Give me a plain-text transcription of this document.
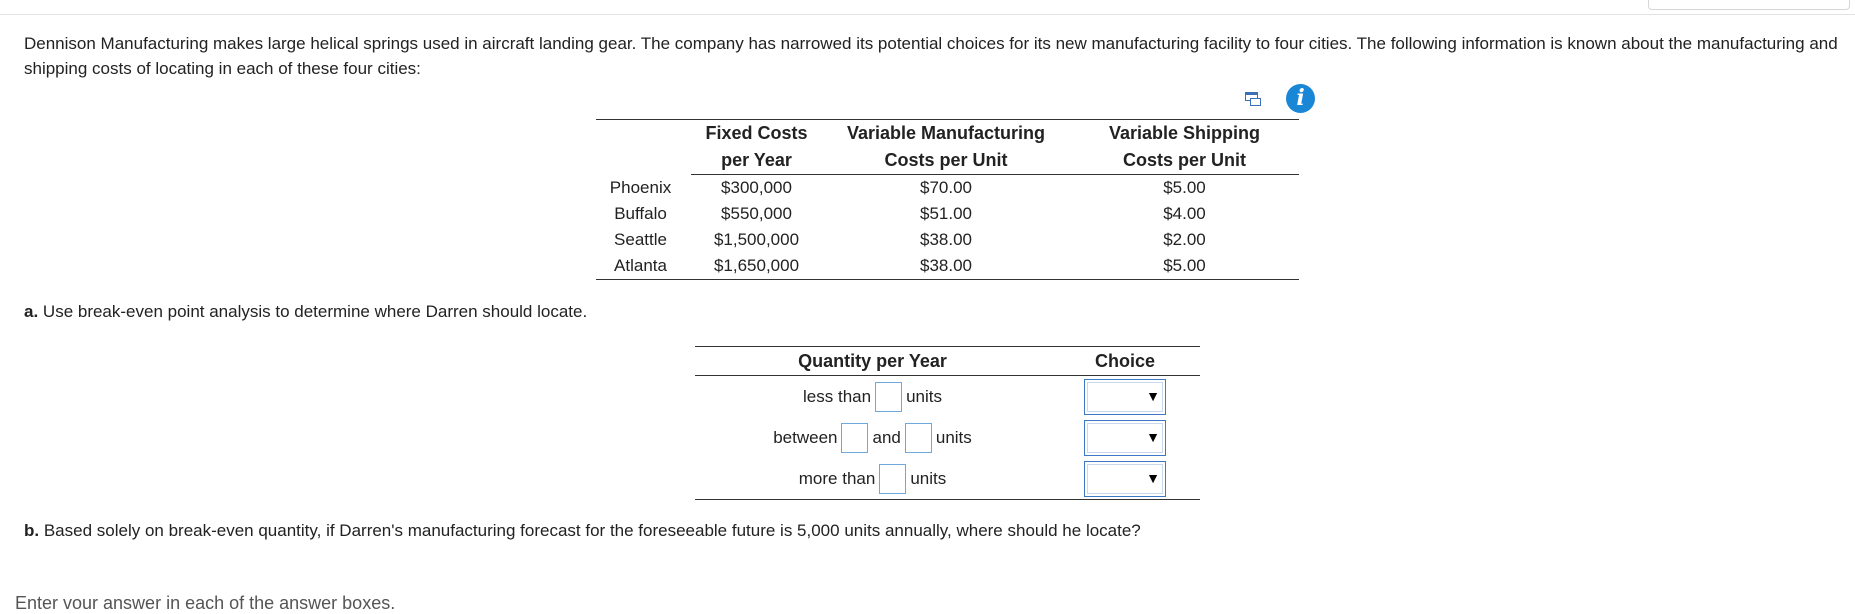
Dennison Manufacturing makes large helical springs used in aircraft landing gear. The company has narrowed its potential choices for its new manufacturing facility to four cities. The following information is known about the manufacturing and shipping costs of locating in each of these four cities:
i
	Fixed Costs	Variable Manufacturing	Variable Shipping
	per Year	Costs per Unit	Costs per Unit
Phoenix	$300,000	$70.00	$5.00
Buffalo	$550,000	$51.00	$4.00
Seattle	$1,500,000	$38.00	$2.00
Atlanta	$1,650,000	$38.00	$5.00
a. Use break-even point analysis to determine where Darren should locate.
Quantity per Year	Choice
less than units	▼

between and units	▼

more than units	▼
b. Based solely on break-even quantity, if Darren's manufacturing forecast for the foreseeable future is 5,000 units annually, where should he locate?
Enter vour answer in each of the answer boxes.
